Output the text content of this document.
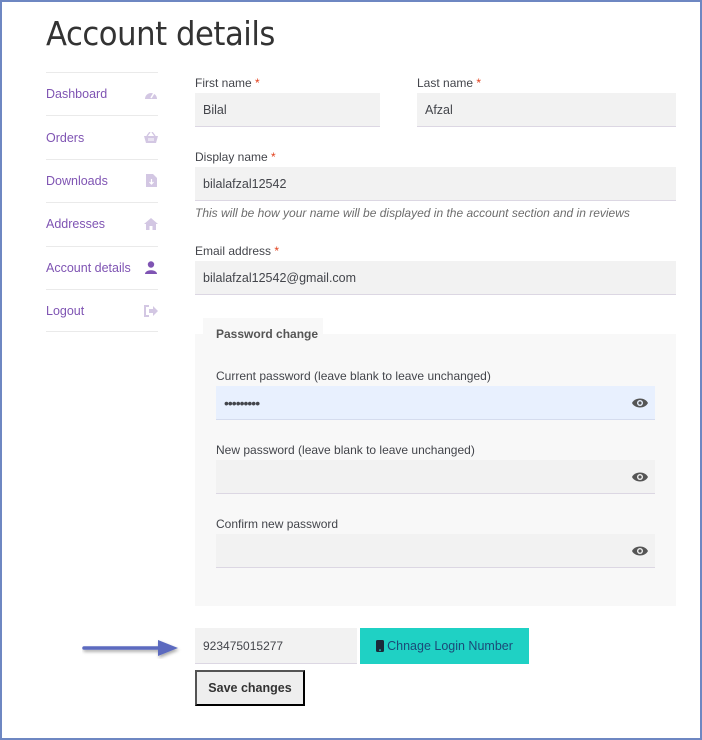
Account details
Dashboard
Orders
Downloads
Addresses
Account details
Logout
First name *
Bilal
Last name *
Afzal
Display name *
bilalafzal12542
This will be how your name will be displayed in the account section and in reviews
Email address *
bilalafzal12542@gmail.com
Password change
Current password (leave blank to leave unchanged)
•••••••••
New password (leave blank to leave unchanged)
Confirm new password
923475015277	Chnage Login Number
Save changes
